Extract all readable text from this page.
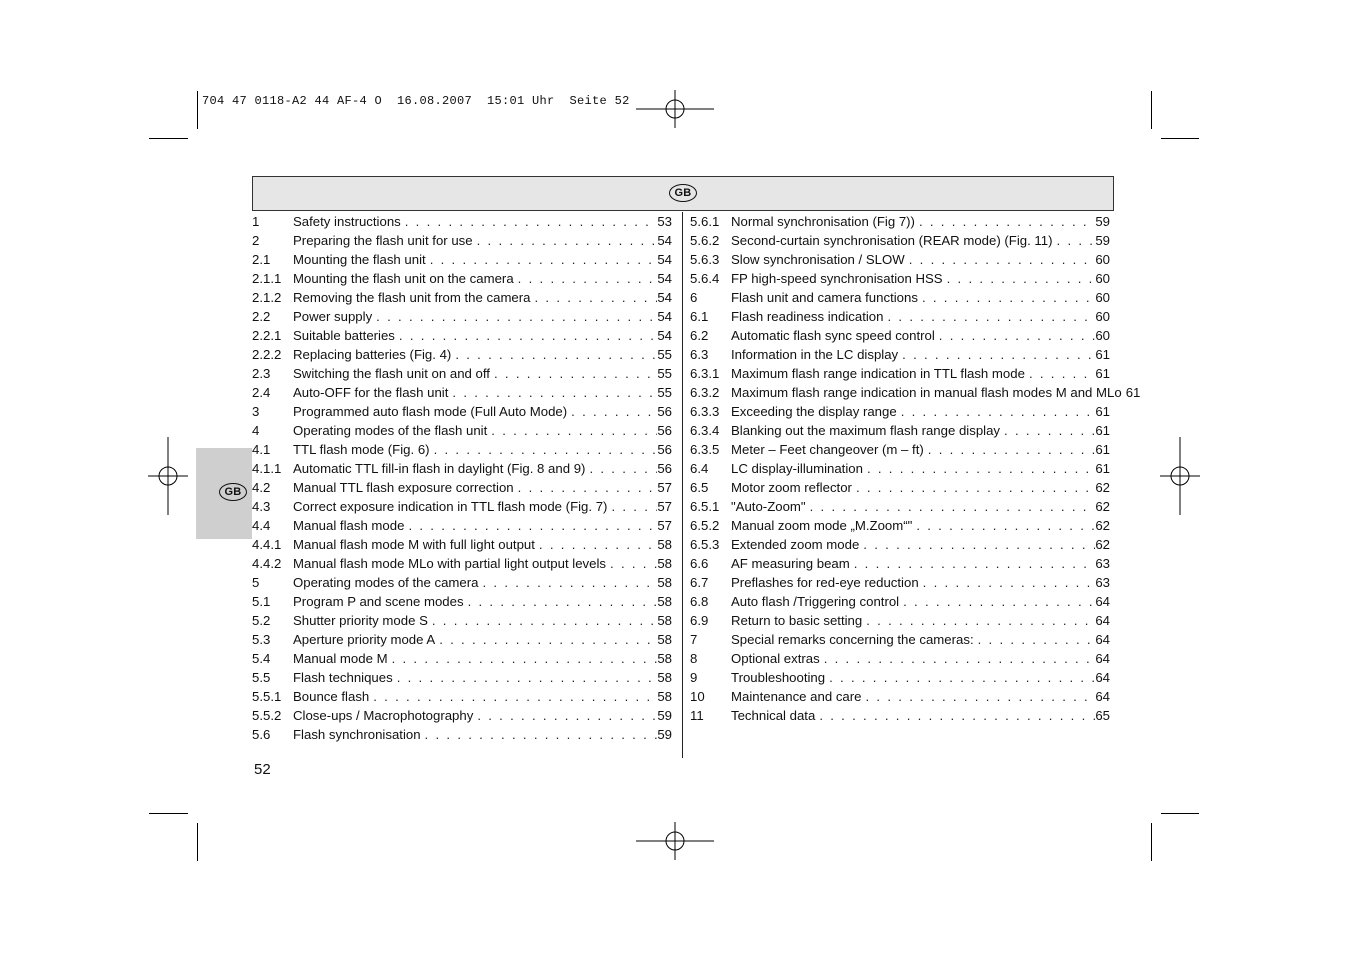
704 47 0118-A2 44 AF-4 O  16.08.2007  15:01 Uhr  Seite 52
GB
GB
1	Safety instructions . . .	53
2	Preparing the flash unit for use . . .	54
2.1	Mounting the flash unit . . .	54
2.1.1 Mounting the flash unit on the camera . . .	54
2.1.2 Removing the flash unit from the camera . . .	54
2.2	Power supply . . .	54
2.2.1 Suitable batteries . . .	54
2.2.2 Replacing batteries (Fig. 4) . . .	55
2.3	Switching the flash unit on and off . . .	55
2.4	Auto-OFF for the flash unit . . .	55
3	Programmed auto flash mode (Full Auto Mode) . . .	56
4	Operating modes of the flash unit . . .	56
4.1	TTL flash mode (Fig. 6) . . .	56
4.1.1 Automatic TTL fill-in flash in daylight (Fig. 8 and 9) . . .	56
4.2	Manual TTL flash exposure correction . . .	57
4.3	Correct exposure indication in TTL flash mode (Fig. 7) . . .	57
4.4	Manual flash mode . . .	57
4.4.1 Manual flash mode M with full light output . . .	58
4.4.2 Manual flash mode MLo with partial light output levels . . .	58
5	Operating modes of the camera . . .	58
5.1	Program P and scene modes . . .	58
5.2	Shutter priority mode S . . .	58
5.3	Aperture priority mode A . . .	58
5.4	Manual mode M . . .	58
5.5	Flash techniques . . .	58
5.5.1 Bounce flash . . .	58
5.5.2 Close-ups / Macrophotography . . .	59
5.6	Flash synchronisation . . .	59
5.6.1 Normal synchronisation (Fig 7)) . . .	59
5.6.2 Second-curtain synchronisation (REAR mode) (Fig. 11) . . .	59
5.6.3 Slow synchronisation / SLOW . . .	60
5.6.4 FP high-speed synchronisation HSS . . .	60
6	Flash unit and camera functions . . .	60
6.1	Flash readiness indication . . .	60
6.2	Automatic flash sync speed control . . .	60
6.3	Information in the LC display . . .	61
6.3.1 Maximum flash range indication in TTL flash mode . . .	61
6.3.2 Maximum flash range indication in manual flash modes M and MLo 61
6.3.3 Exceeding the display range . . .	61
6.3.4 Blanking out the maximum flash range display . . .	61
6.3.5 Meter – Feet changeover (m – ft) . . .	61
6.4	LC display-illumination . . .	61
6.5	Motor zoom reflector . . .	62
6.5.1 "Auto-Zoom" . . .	62
6.5.2 Manual zoom mode „M.Zoom“" . . .	62
6.5.3 Extended zoom mode . . .	62
6.6	AF measuring beam . . .	63
6.7	Preflashes for red-eye reduction . . .	63
6.8	Auto flash /Triggering control . . .	64
6.9	Return to basic setting . . .	64
7	Special remarks concerning the cameras: . . .	64
8	Optional extras . . .	64
9	Troubleshooting . . .	64
10	Maintenance and care . . .	64
11	Technical data . . .	65
52
